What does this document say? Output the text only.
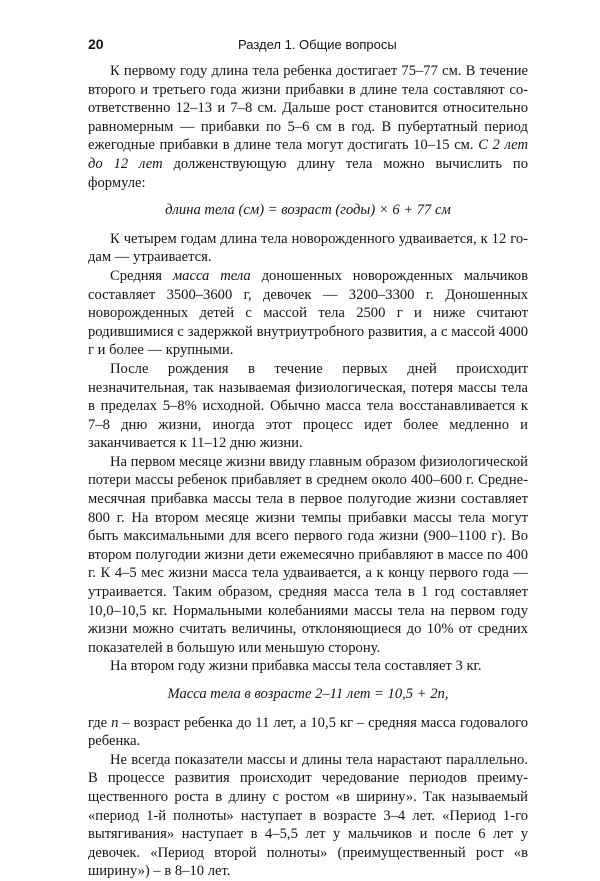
20	Раздел 1. Общие вопросы

К первому году длина тела ребенка достигает 75–77 см. В течение второго и третьего года жизни прибавки в длине тела составляют соответственно 12–13 и 7–8 см. Дальше рост становится относительно равномерным — прибавки по 5–6 см в год. В пубертатный период ежегодные прибавки в длине тела могут достигать 10–15 см. С 2 лет до 12 лет долженствующую длину тела можно вычислить по формуле:

длина тела (см) = возраст (годы) × 6 + 77 см

К четырем годам длина тела новорожденного удваивается, к 12 годам — утраивается.

Средняя масса тела доношенных новорожденных мальчиков составляет 3500–3600 г, девочек — 3200–3300 г. Доношенных новорожденных детей с массой тела 2500 г и ниже считают родившимися с задержкой внутриутробного развития, а с массой 4000 г и более — крупными.

После рождения в течение первых дней происходит незначительная, так называемая физиологическая, потеря массы тела в пределах 5–8% исходной. Обычно масса тела восстанавливается к 7–8 дню жизни, иногда этот процесс идет более медленно и заканчивается к 11–12 дню жизни.

На первом месяце жизни ввиду главным образом физиологической потери массы ребенок прибавляет в среднем около 400–600 г. Среднемесячная прибавка массы тела в первое полугодие жизни составляет 800 г. На втором месяце жизни темпы прибавки массы тела могут быть максимальными для всего первого года жизни (900–1100 г). Во втором полугодии жизни дети ежемесячно прибавляют в массе по 400 г. К 4–5 мес жизни масса тела удваивается, а к концу первого года — утраивается. Таким образом, средняя масса тела в 1 год составляет 10,0–10,5 кг. Нормальными колебаниями массы тела на первом году жизни можно считать величины, отклоняющиеся до 10% от средних показателей в большую или меньшую сторону.

На втором году жизни прибавка массы тела составляет 3 кг.

Масса тела в возрасте 2–11 лет = 10,5 + 2n,

где n – возраст ребенка до 11 лет, а 10,5 кг – средняя масса годовалого ребенка.

Не всегда показатели массы и длины тела нарастают параллельно. В процессе развития происходит чередование периодов преимущественного роста в длину с ростом «в ширину». Так называемый «период 1-й полноты» наступает в возрасте 3–4 лет. «Период 1-го вытягивания» наступает в 4–5,5 лет у мальчиков и после 6 лет у девочек. «Период второй полноты» (преимущественный рост «в ширину») – в 8–10 лет.
